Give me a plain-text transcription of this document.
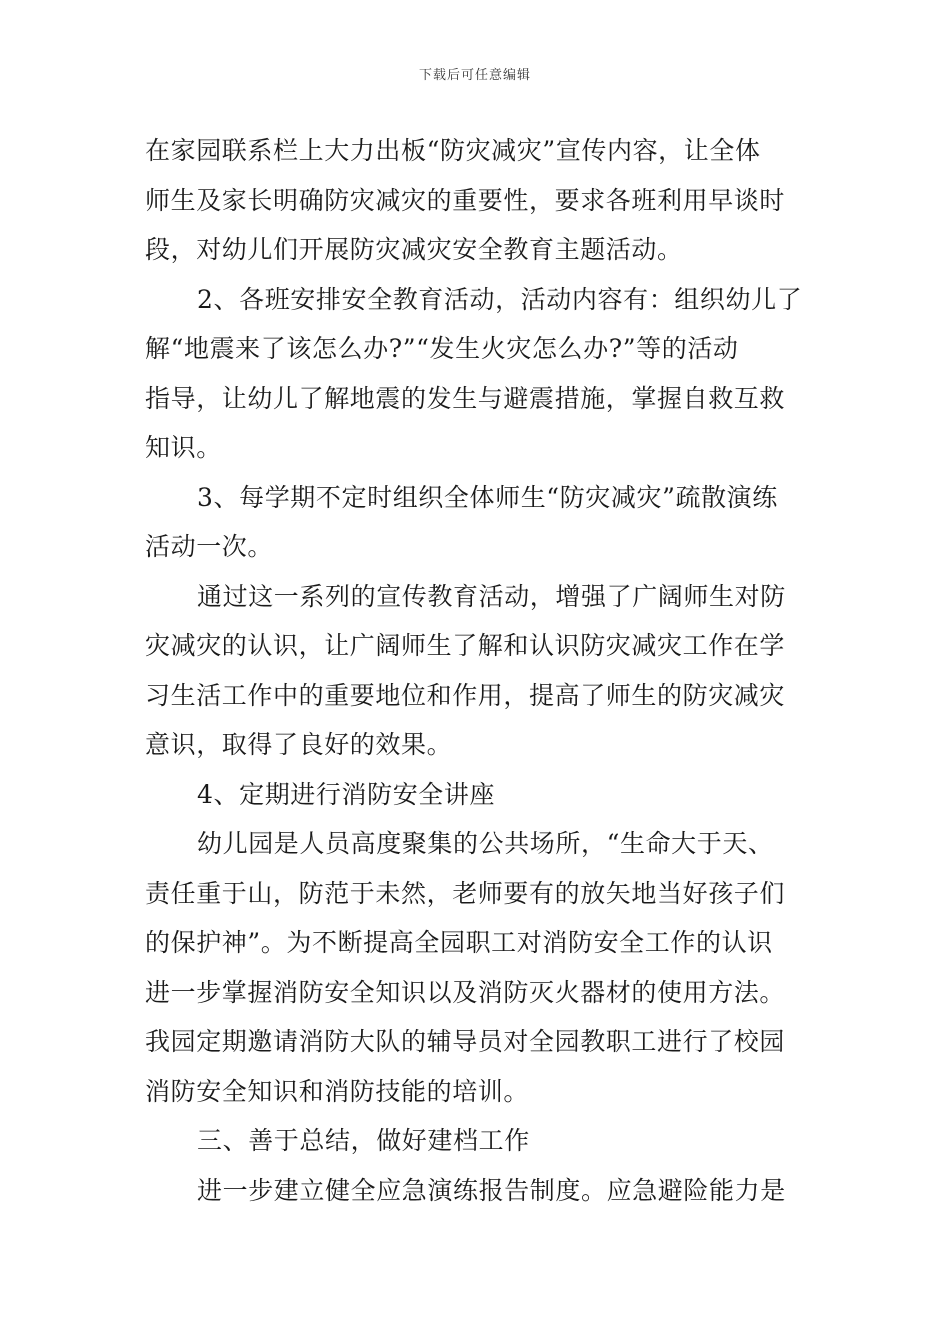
下载后可任意编辑
在家园联系栏上大力出板“防灾减灾”宣传内容，让全体
师生及家长明确防灾减灾的重要性，要求各班利用早谈时
段，对幼儿们开展防灾减灾安全教育主题活动。
2、各班安排安全教育活动，活动内容有：组织幼儿了
解“地震来了该怎么办?”“发生火灾怎么办?”等的活动
指导，让幼儿了解地震的发生与避震措施，掌握自救互救
知识。
3、每学期不定时组织全体师生“防灾减灾”疏散演练
活动一次。
通过这一系列的宣传教育活动，增强了广阔师生对防
灾减灾的认识，让广阔师生了解和认识防灾减灾工作在学
习生活工作中的重要地位和作用，提高了师生的防灾减灾
意识，取得了良好的效果。
4、定期进行消防安全讲座
幼儿园是人员高度聚集的公共场所，“生命大于天、
责任重于山，防范于未然，老师要有的放矢地当好孩子们
的保护神”。为不断提高全园职工对消防安全工作的认识
进一步掌握消防安全知识以及消防灭火器材的使用方法。
我园定期邀请消防大队的辅导员对全园教职工进行了校园
消防安全知识和消防技能的培训。
三、善于总结，做好建档工作
进一步建立健全应急演练报告制度。应急避险能力是
